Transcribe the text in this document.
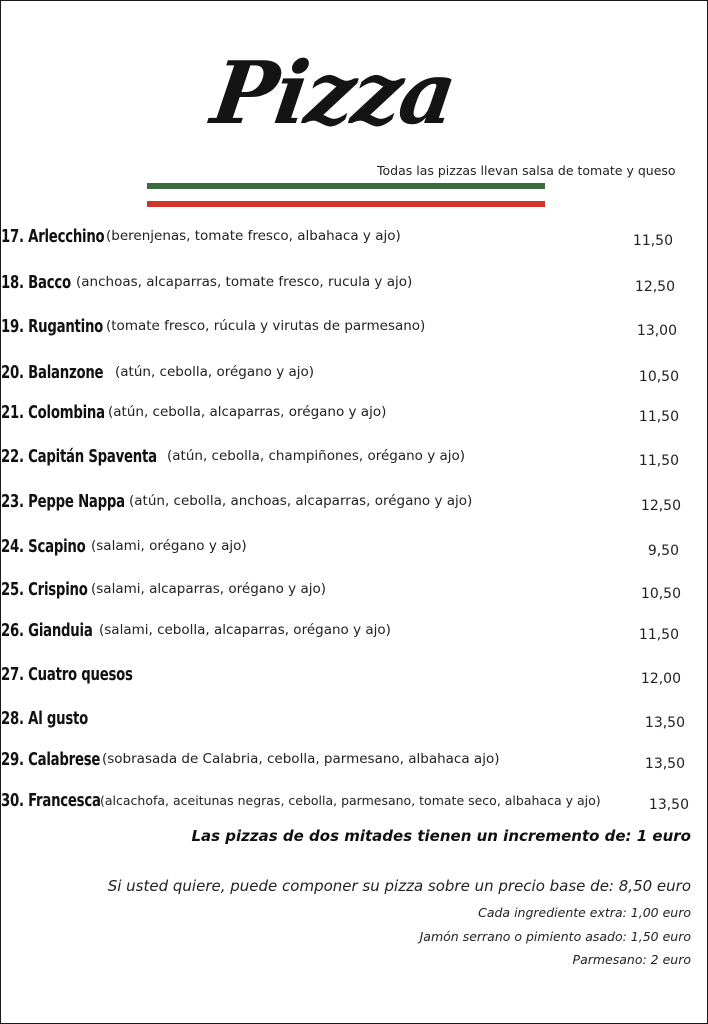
Pizza
Todas las pizzas llevan salsa de tomate y queso
17. Arlecchino (berenjenas, tomate fresco, albahaca y ajo)	11,50
18. Bacco (anchoas, alcaparras, tomate fresco, rucula y ajo)	12,50
19. Rugantino (tomate fresco, rúcula y virutas de parmesano)	13,00
20. Balanzone (atún, cebolla, orégano y ajo)	10,50
21. Colombina (atún, cebolla, alcaparras, orégano y ajo)	11,50
22. Capitán Spaventa (atún, cebolla, champiñones, orégano y ajo)	11,50
23. Peppe Nappa (atún, cebolla, anchoas, alcaparras, orégano y ajo)	12,50
24. Scapino (salami, orégano y ajo)	9,50
25. Crispino (salami, alcaparras, orégano y ajo)	10,50
26. Gianduia (salami, cebolla, alcaparras, orégano y ajo)	11,50
27. Cuatro quesos	12,00
28. Al gusto	13,50
29. Calabrese (sobrasada de Calabria, cebolla, parmesano, albahaca ajo)	13,50
30. Francesca (alcachofa, aceitunas negras, cebolla, parmesano, tomate seco, albahaca y ajo)	13,50
Las pizzas de dos mitades tienen un incremento de: 1 euro
Si usted quiere, puede componer su pizza sobre un precio base de: 8,50 euro
Cada ingrediente extra: 1,00 euro
Jamón serrano o pimiento asado: 1,50 euro
Parmesano: 2 euro
